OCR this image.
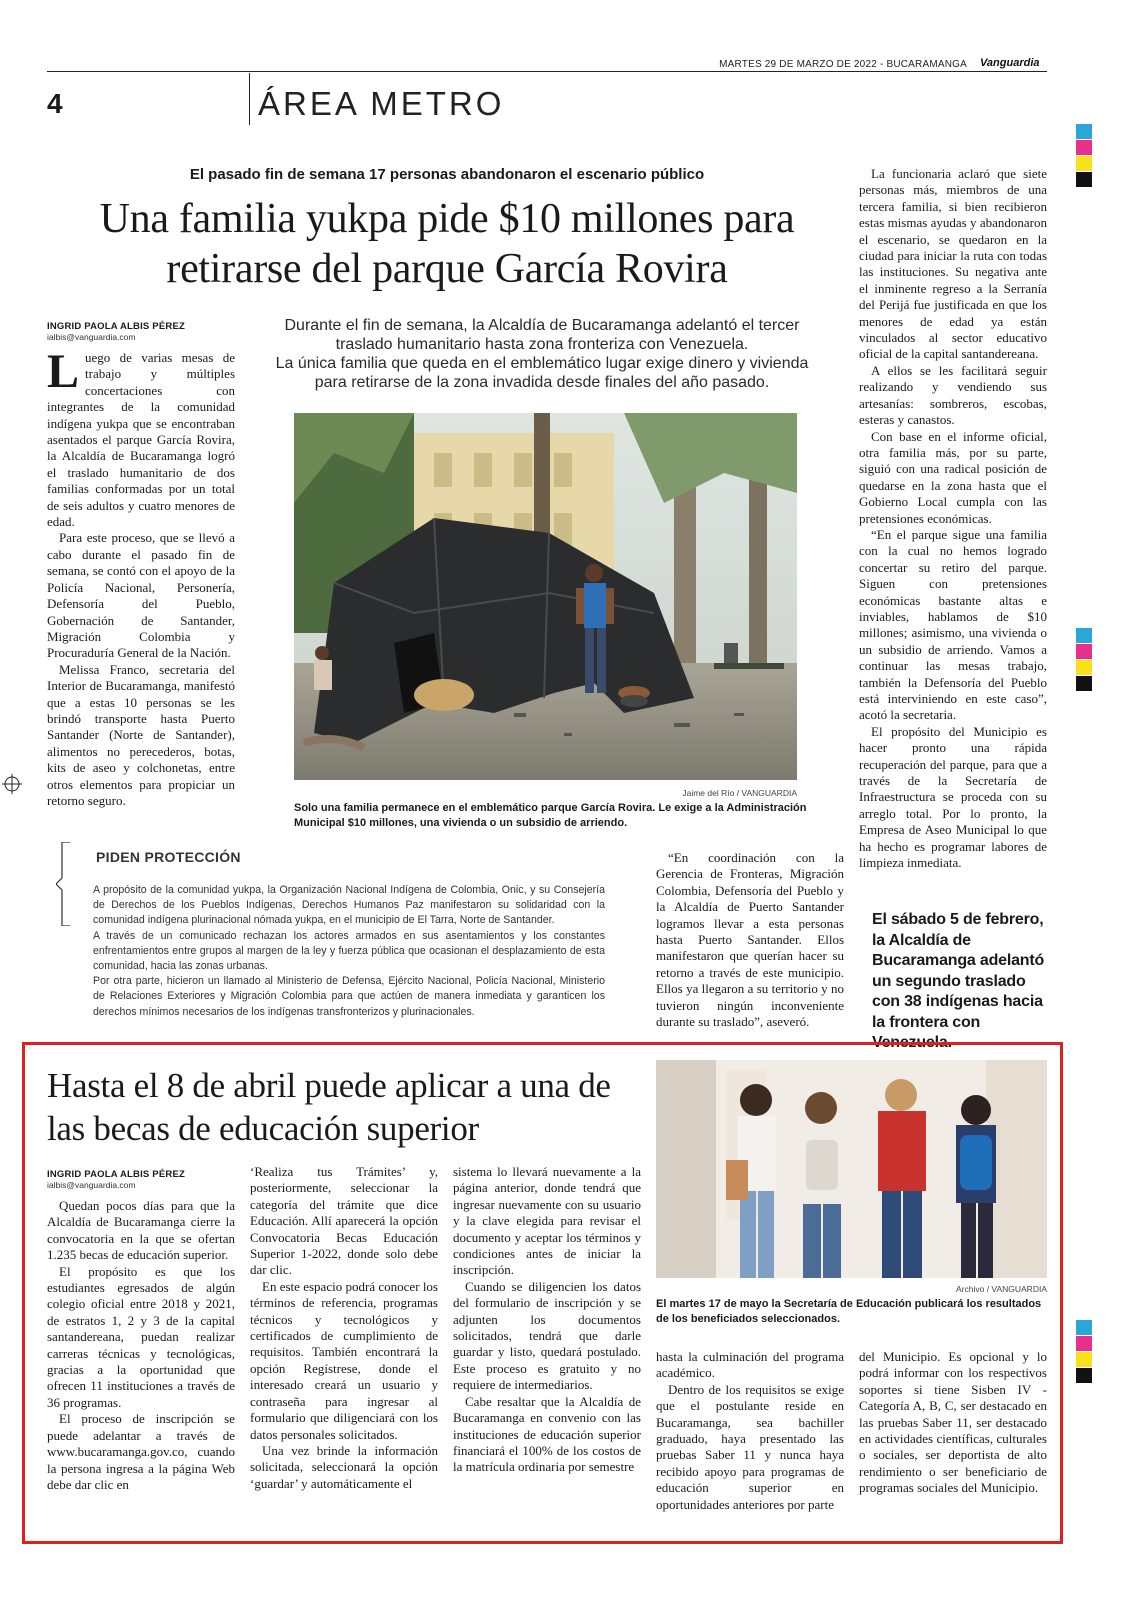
MARTES 29 DE MARZO DE 2022 - BUCARAMANGA Vanguardia
4	ÁREA METRO
El pasado fin de semana 17 personas abandonaron el escenario público
Una familia yukpa pide $10 millones para retirarse del parque García Rovira
INGRID PAOLA ALBIS PÉREZ
ialbis@vanguardia.com
Durante el fin de semana, la Alcaldía de Bucaramanga adelantó el tercer traslado humanitario hasta zona fronteriza con Venezuela.
La única familia que queda en el emblemático lugar exige dinero y vivienda para retirarse de la zona invadida desde finales del año pasado.

Luego de varias mesas de trabajo y múltiples concertaciones con integrantes de la comunidad indígena yukpa que se encontraban asentados el parque García Rovira, la Alcaldía de Bucaramanga logró el traslado humanitario de dos familias conformadas por un total de seis adultos y cuatro menores de edad.

Para este proceso, que se llevó a cabo durante el pasado fin de semana, se contó con el apoyo de la Policía Nacional, Personería, Defensoría del Pueblo, Gobernación de Santander, Migración Colombia y Procuraduría General de la Nación.

Melissa Franco, secretaria del Interior de Bucaramanga, manifestó que a estas 10 personas se les brindó transporte hasta Puerto Santander (Norte de Santander), alimentos no perecederos, botas, kits de aseo y colchonetas, entre otros elementos para propiciar un retorno seguro.	Jaime del Río / VANGUARDIA
Solo una familia permanece en el emblemático parque García Rovira. Le exige a la Administración Municipal $10 millones, una vivienda o un subsidio de arriendo.

La funcionaria aclaró que siete personas más, miembros de una tercera familia, si bien recibieron estas mismas ayudas y abandonaron el escenario, se quedaron en la ciudad para iniciar la ruta con todas las instituciones. Su negativa ante el inminente regreso a la Serranía del Perijá fue justificada en que los menores de edad ya están vinculados al sector educativo oficial de la capital santandereana.

A ellos se les facilitará seguir realizando y vendiendo sus artesanías: sombreros, escobas, esteras y canastos.

Con base en el informe oficial, otra familia más, por su parte, siguió con una radical posición de quedarse en la zona hasta que el Gobierno Local cumpla con las pretensiones económicas.

“En el parque sigue una familia con la cual no hemos logrado concertar su retiro del parque. Siguen con pretensiones económicas bastante altas e inviables, hablamos de $10 millones; asimismo, una vivienda o un subsidio de arriendo. Vamos a continuar las mesas trabajo, también la Defensoría del Pueblo está interviniendo en este caso”, acotó la secretaria.

El propósito del Municipio es hacer pronto una rápida recuperación del parque, para que a través de la Secretaría de Infraestructura se proceda con su arreglo total. Por lo pronto, la Empresa de Aseo Municipal lo que ha hecho es programar labores de limpieza inmediata.

PIDEN PROTECCIÓN
A propósito de la comunidad yukpa, la Organización Nacional Indígena de Colombia, Onic, y su Consejería de Derechos de los Pueblos Indígenas, Derechos Humanos Paz manifestaron su solidaridad con la comunidad indígena plurinacional nómada yukpa, en el municipio de El Tarra, Norte de Santander.
A través de un comunicado rechazan los actores armados en sus asentamientos y los constantes enfrentamientos entre grupos al margen de la ley y fuerza pública que ocasionan el desplazamiento de esta comunidad, hacia las zonas urbanas.
Por otra parte, hicieron un llamado al Ministerio de Defensa, Ejército Nacional, Policía Nacional, Ministerio de Relaciones Exteriores y Migración Colombia para que actúen de manera inmediata y garanticen los derechos mínimos necesarios de los indígenas transfronterizos y plurinacionales.

“En coordinación con la Gerencia de Fronteras, Migración Colombia, Defensoría del Pueblo y la Alcaldía de Puerto Santander logramos llevar a esta personas hasta Puerto Santander. Ellos manifestaron que querían hacer su retorno a través de este municipio. Ellos ya llegaron a su territorio y no tuvieron ningún inconveniente durante su traslado”, aseveró.

El sábado 5 de febrero, la Alcaldía de Bucaramanga adelantó un segundo traslado con 38 indígenas hacia la frontera con Venezuela.
Hasta el 8 de abril puede aplicar a una de las becas de educación superior
INGRID PAOLA ALBIS PÉREZ
ialbis@vanguardia.com

Quedan pocos días para que la Alcaldía de Bucaramanga cierre la convocatoria en la que se ofertan 1.235 becas de educación superior.

El propósito es que los estudiantes egresados de algún colegio oficial entre 2018 y 2021, de estratos 1, 2 y 3 de la capital santandereana, puedan realizar carreras técnicas y tecnológicas, gracias a la oportunidad que ofrecen 11 instituciones a través de 36 programas.

El proceso de inscripción se puede adelantar a través de www.bucaramanga.gov.co, cuando la persona ingresa a la página Web debe dar clic en

‘Realiza tus Trámites’ y, posteriormente, seleccionar la categoría del trámite que dice Educación. Allí aparecerá la opción Convocatoria Becas Educación Superior 1-2022, donde solo debe dar clic.

En este espacio podrá conocer los términos de referencia, programas técnicos y tecnológicos y certificados de cumplimiento de requisitos. También encontrará la opción Regístrese, donde el interesado creará un usuario y contraseña para ingresar al formulario que diligenciará con los datos personales solicitados.

Una vez brinde la información solicitada, seleccionará la opción ‘guardar’ y automáticamente el

sistema lo llevará nuevamente a la página anterior, donde tendrá que ingresar nuevamente con su usuario y la clave elegida para revisar el documento y aceptar los términos y condiciones antes de iniciar la inscripción.

Cuando se diligencien los datos del formulario de inscripción y se adjunten los documentos solicitados, tendrá que darle guardar y listo, quedará postulado. Este proceso es gratuito y no requiere de intermediarios.

Cabe resaltar que la Alcaldía de Bucaramanga en convenio con las instituciones de educación superior financiará el 100% de los costos de la matrícula ordinaria por semestre

Archivo / VANGUARDIA
El martes 17 de mayo la Secretaría de Educación publicará los resultados de los beneficiados seleccionados.

hasta la culminación del programa académico.

Dentro de los requisitos se exige que el postulante reside en Bucaramanga, sea bachiller graduado, haya presentado las pruebas Saber 11 y nunca haya recibido apoyo para programas de educación superior en oportunidades anteriores por parte

del Municipio. Es opcional y lo podrá informar con los respectivos soportes si tiene Sisben IV - Categoría A, B, C, ser destacado en las pruebas Saber 11, ser destacado en actividades científicas, culturales o sociales, ser deportista de alto rendimiento o ser beneficiario de programas sociales del Municipio.
